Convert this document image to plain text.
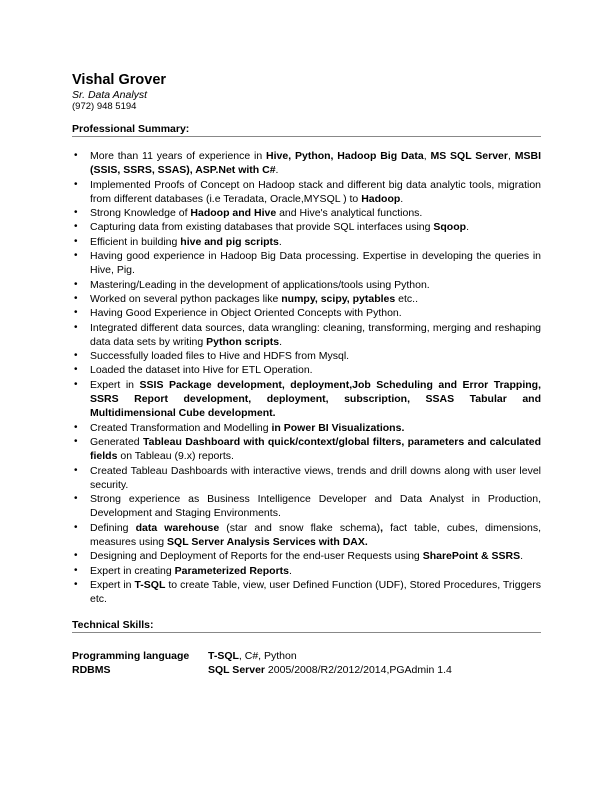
Vishal Grover
Sr. Data Analyst
(972) 948 5194
Professional Summary:
• More than 11 years of experience in Hive, Python, Hadoop Big Data, MS SQL Server, MSBI (SSIS, SSRS, SSAS), ASP.Net with C#.
• Implemented Proofs of Concept on Hadoop stack and different big data analytic tools, migration from different databases (i.e Teradata, Oracle,MYSQL ) to Hadoop.
• Strong Knowledge of Hadoop and Hive and Hive's analytical functions.
• Capturing data from existing databases that provide SQL interfaces using Sqoop.
• Efficient in building hive and pig scripts.
• Having good experience in Hadoop Big Data processing. Expertise in developing the queries in Hive, Pig.
• Mastering/Leading in the development of applications/tools using Python.
• Worked on several python packages like numpy, scipy, pytables etc..
• Having Good Experience in Object Oriented Concepts with Python.
• Integrated different data sources, data wrangling: cleaning, transforming, merging and reshaping data data sets by writing Python scripts.
• Successfully loaded files to Hive and HDFS from Mysql.
• Loaded the dataset into Hive for ETL Operation.
• Expert in SSIS Package development, deployment,Job Scheduling and Error Trapping, SSRS Report development, deployment, subscription, SSAS Tabular and Multidimensional Cube development.
• Created Transformation and Modelling in Power BI Visualizations.
• Generated Tableau Dashboard with quick/context/global filters, parameters and calculated fields on Tableau (9.x) reports.
• Created Tableau Dashboards with interactive views, trends and drill downs along with user level security.
• Strong experience as Business Intelligence Developer and Data Analyst in Production, Development and Staging Environments.
• Defining data warehouse (star and snow flake schema), fact table, cubes, dimensions, measures using SQL Server Analysis Services with DAX.
• Designing and Deployment of Reports for the end-user Requests using SharePoint & SSRS.
• Expert in creating Parameterized Reports.
• Expert in T-SQL to create Table, view, user Defined Function (UDF), Stored Procedures, Triggers etc.
Technical Skills:
Programming language	T-SQL, C#, Python
RDBMS	SQL Server 2005/2008/R2/2012/2014,PGAdmin 1.4
